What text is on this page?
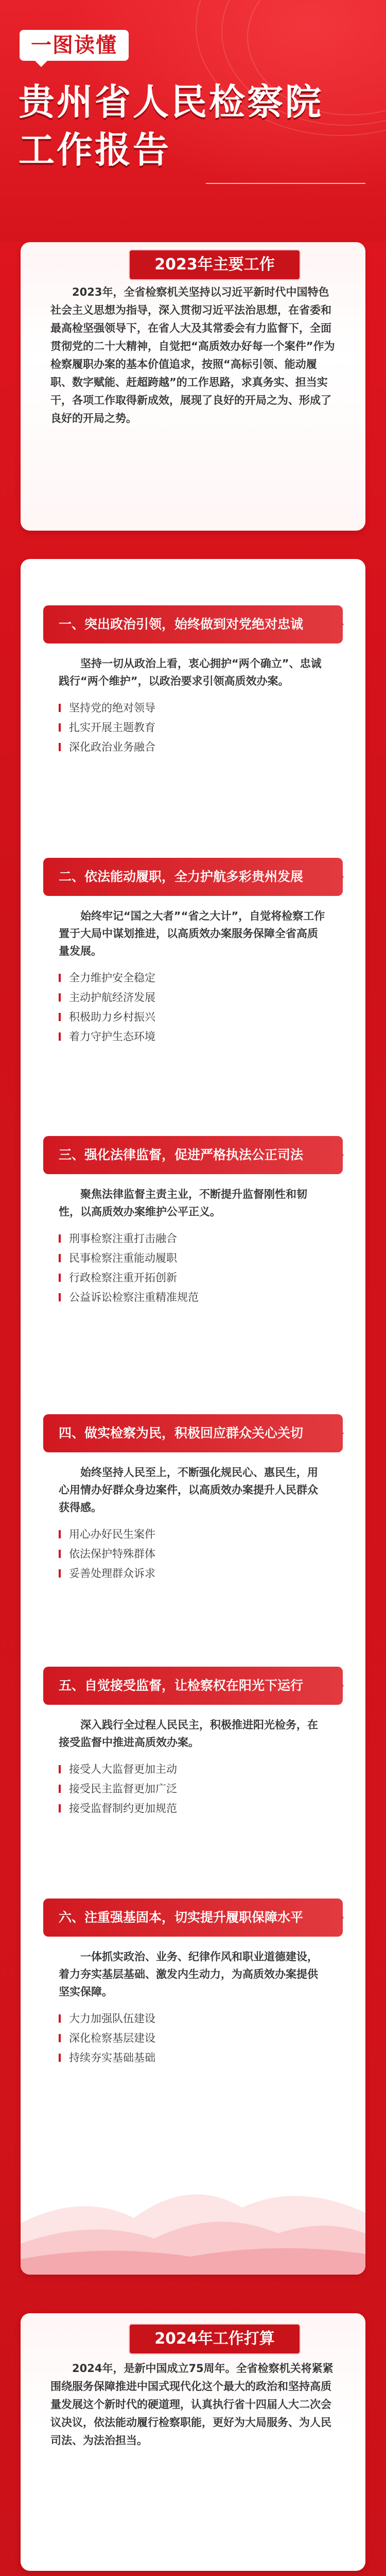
一图读懂
贵州省人民检察院
工作报告
2023年主要工作
2023年，全省检察机关坚持以习近平新时代中国特色社会主义思想为指导，深入贯彻习近平法治思想，在省委和最高检坚强领导下，在省人大及其常委会有力监督下，全面贯彻党的二十大精神，自觉把“高质效办好每一个案件”作为检察履职办案的基本价值追求，按照“高标引领、能动履职、数字赋能、赶超跨越”的工作思路，求真务实、担当实干，各项工作取得新成效，展现了良好的开局之为、形成了良好的开局之势。
一、突出政治引领，始终做到对党绝对忠诚
坚持一切从政治上看，衷心拥护“两个确立”、忠诚践行“两个维护”，以政治要求引领高质效办案。
坚持党的绝对领导
扎实开展主题教育
深化政治业务融合
二、依法能动履职，全力护航多彩贵州发展
始终牢记“国之大者”“省之大计”，自觉将检察工作置于大局中谋划推进，以高质效办案服务保障全省高质量发展。
全力维护安全稳定
主动护航经济发展
积极助力乡村振兴
着力守护生态环境
三、强化法律监督，促进严格执法公正司法
聚焦法律监督主责主业，不断提升监督刚性和韧性，以高质效办案维护公平正义。
刑事检察注重打击融合
民事检察注重能动履职
行政检察注重开拓创新
公益诉讼检察注重精准规范
四、做实检察为民，积极回应群众关心关切
始终坚持人民至上，不断强化规民心、惠民生，用心用情办好群众身边案件，以高质效办案提升人民群众获得感。
用心办好民生案件
依法保护特殊群体
妥善处理群众诉求
五、自觉接受监督，让检察权在阳光下运行
深入践行全过程人民民主，积极推进阳光检务，在接受监督中推进高质效办案。
接受人大监督更加主动
接受民主监督更加广泛
接受监督制约更加规范
六、注重强基固本，切实提升履职保障水平
一体抓实政治、业务、纪律作风和职业道德建设，着力夯实基层基础、激发内生动力，为高质效办案提供坚实保障。
大力加强队伍建设
深化检察基层建设
持续夯实基础基础
2024年工作打算
2024年，是新中国成立75周年。全省检察机关将紧紧围绕服务保障推进中国式现代化这个最大的政治和坚持高质量发展这个新时代的硬道理，认真执行省十四届人大二次会议决议，依法能动履行检察职能，更好为大局服务、为人民司法、为法治担当。
